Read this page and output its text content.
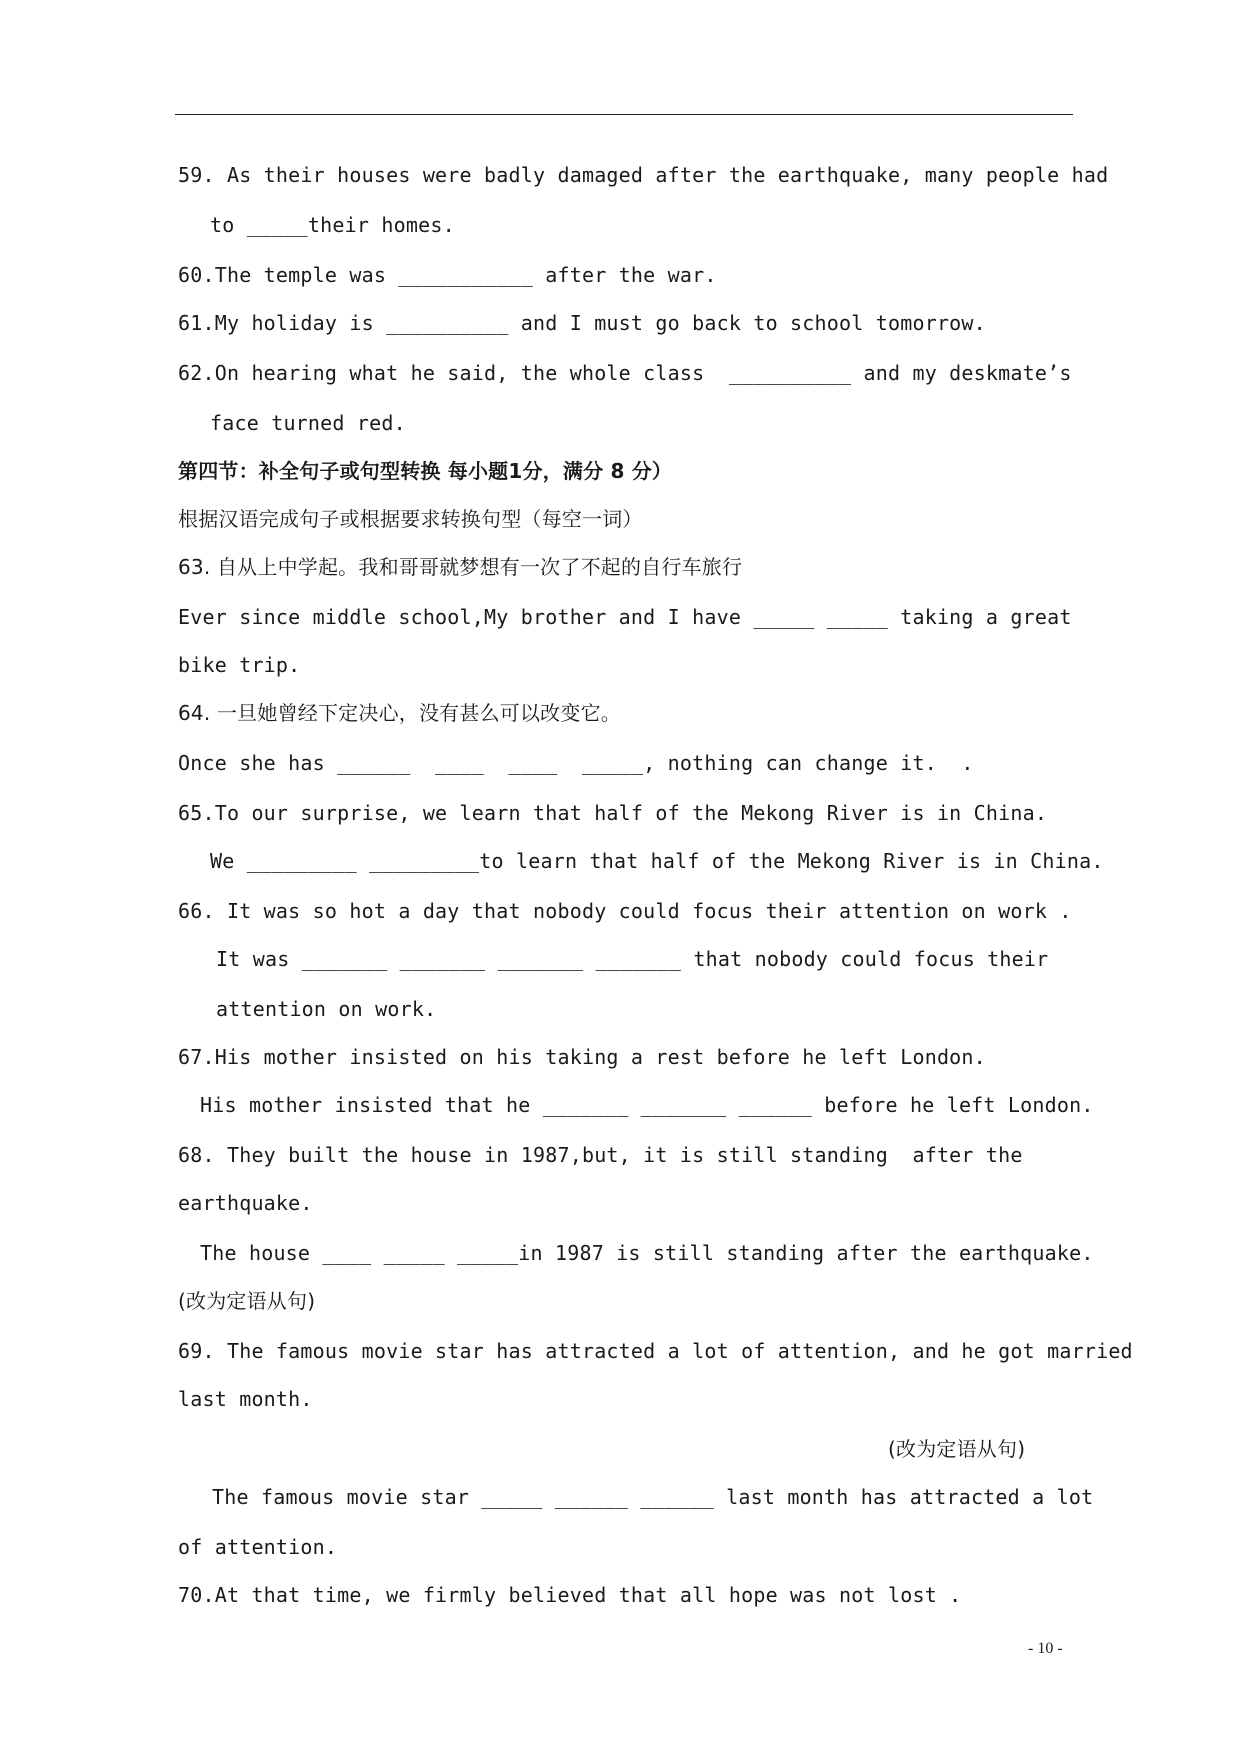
59. As their houses were badly damaged after the earthquake, many people had
to _____their homes.
60.The temple was ___________ after the war.
61.My holiday is __________ and I must go back to school tomorrow.
62.On hearing what he said, the whole class  __________ and my deskmate’s
face turned red.
第四节：补全句子或句型转换 每小题1分，满分 8 分）
根据汉语完成句子或根据要求转换句型（每空一词）
63. 自从上中学起。我和哥哥就梦想有一次了不起的自行车旅行
Ever since middle school,My brother and I have _____ _____ taking a great
bike trip.
64. 一旦她曾经下定决心，没有甚么可以改变它。
Once she has ______  ____  ____  _____, nothing can change it.  .
65.To our surprise, we learn that half of the Mekong River is in China.
We _________ _________to learn that half of the Mekong River is in China.
66. It was so hot a day that nobody could focus their attention on work .
It was _______ _______ _______ _______ that nobody could focus their
attention on work.
67.His mother insisted on his taking a rest before he left London.
His mother insisted that he _______ _______ ______ before he left London.
68. They built the house in 1987,but, it is still standing  after the
earthquake.
The house ____ _____ _____in 1987 is still standing after the earthquake.
(改为定语从句)
69. The famous movie star has attracted a lot of attention, and he got married
last month.
(改为定语从句)
The famous movie star _____ ______ ______ last month has attracted a lot
of attention.
70.At that time, we firmly believed that all hope was not lost .
- 10 -
